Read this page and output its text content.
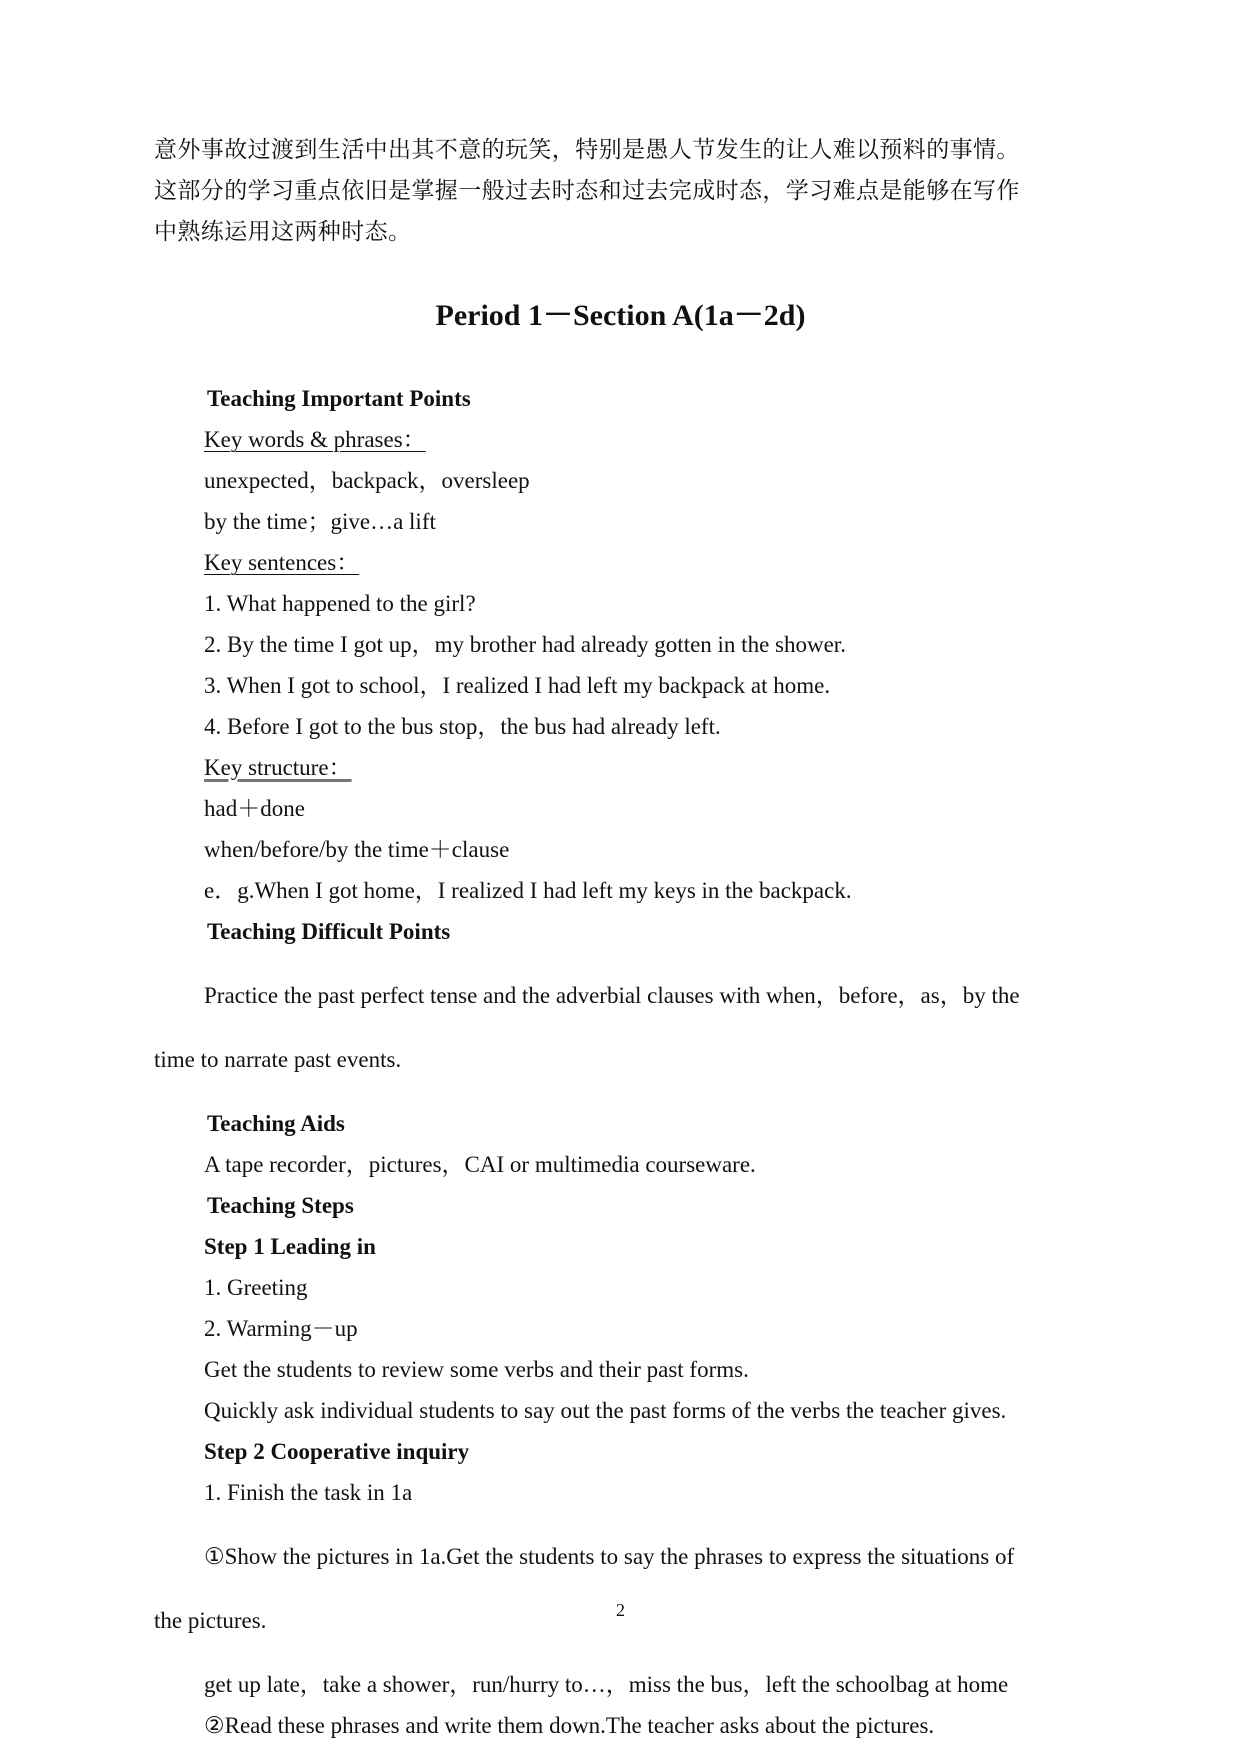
意外事故过渡到生活中出其不意的玩笑，特别是愚人节发生的让人难以预料的事情。

这部分的学习重点依旧是掌握一般过去时态和过去完成时态，学习难点是能够在写作

中熟练运用这两种时态。

Period 1－Section A(1a－2d)

Teaching Important Points

Key words & phrases：

unexpected，backpack，oversleep

by the time；give…a lift

Key sentences：

1. What happened to the girl?

2. By the time I got up，my brother had already gotten in the shower.

3. When I got to school，I realized I had left my backpack at home.

4. Before I got to the bus stop，the bus had already left.

Key structure：

had＋done

when/before/by the time＋clause

e．g.When I got home，I realized I had left my keys in the backpack.

Teaching Difficult Points

Practice the past perfect tense and the adverbial clauses with when，before，as，by the

time to narrate past events.

Teaching Aids

A tape recorder，pictures，CAI or multimedia courseware.

Teaching Steps

Step 1 Leading in

1. Greeting

2. Warming－up

Get the students to review some verbs and their past forms.

Quickly ask individual students to say out the past forms of the verbs the teacher gives.

Step 2 Cooperative inquiry

1. Finish the task in 1a

①Show the pictures in 1a.Get the students to say the phrases to express the situations of

the pictures.

get up late，take a shower，run/hurry to…，miss the bus，left the schoolbag at home

②Read these phrases and write them down.The teacher asks about the pictures.

2
